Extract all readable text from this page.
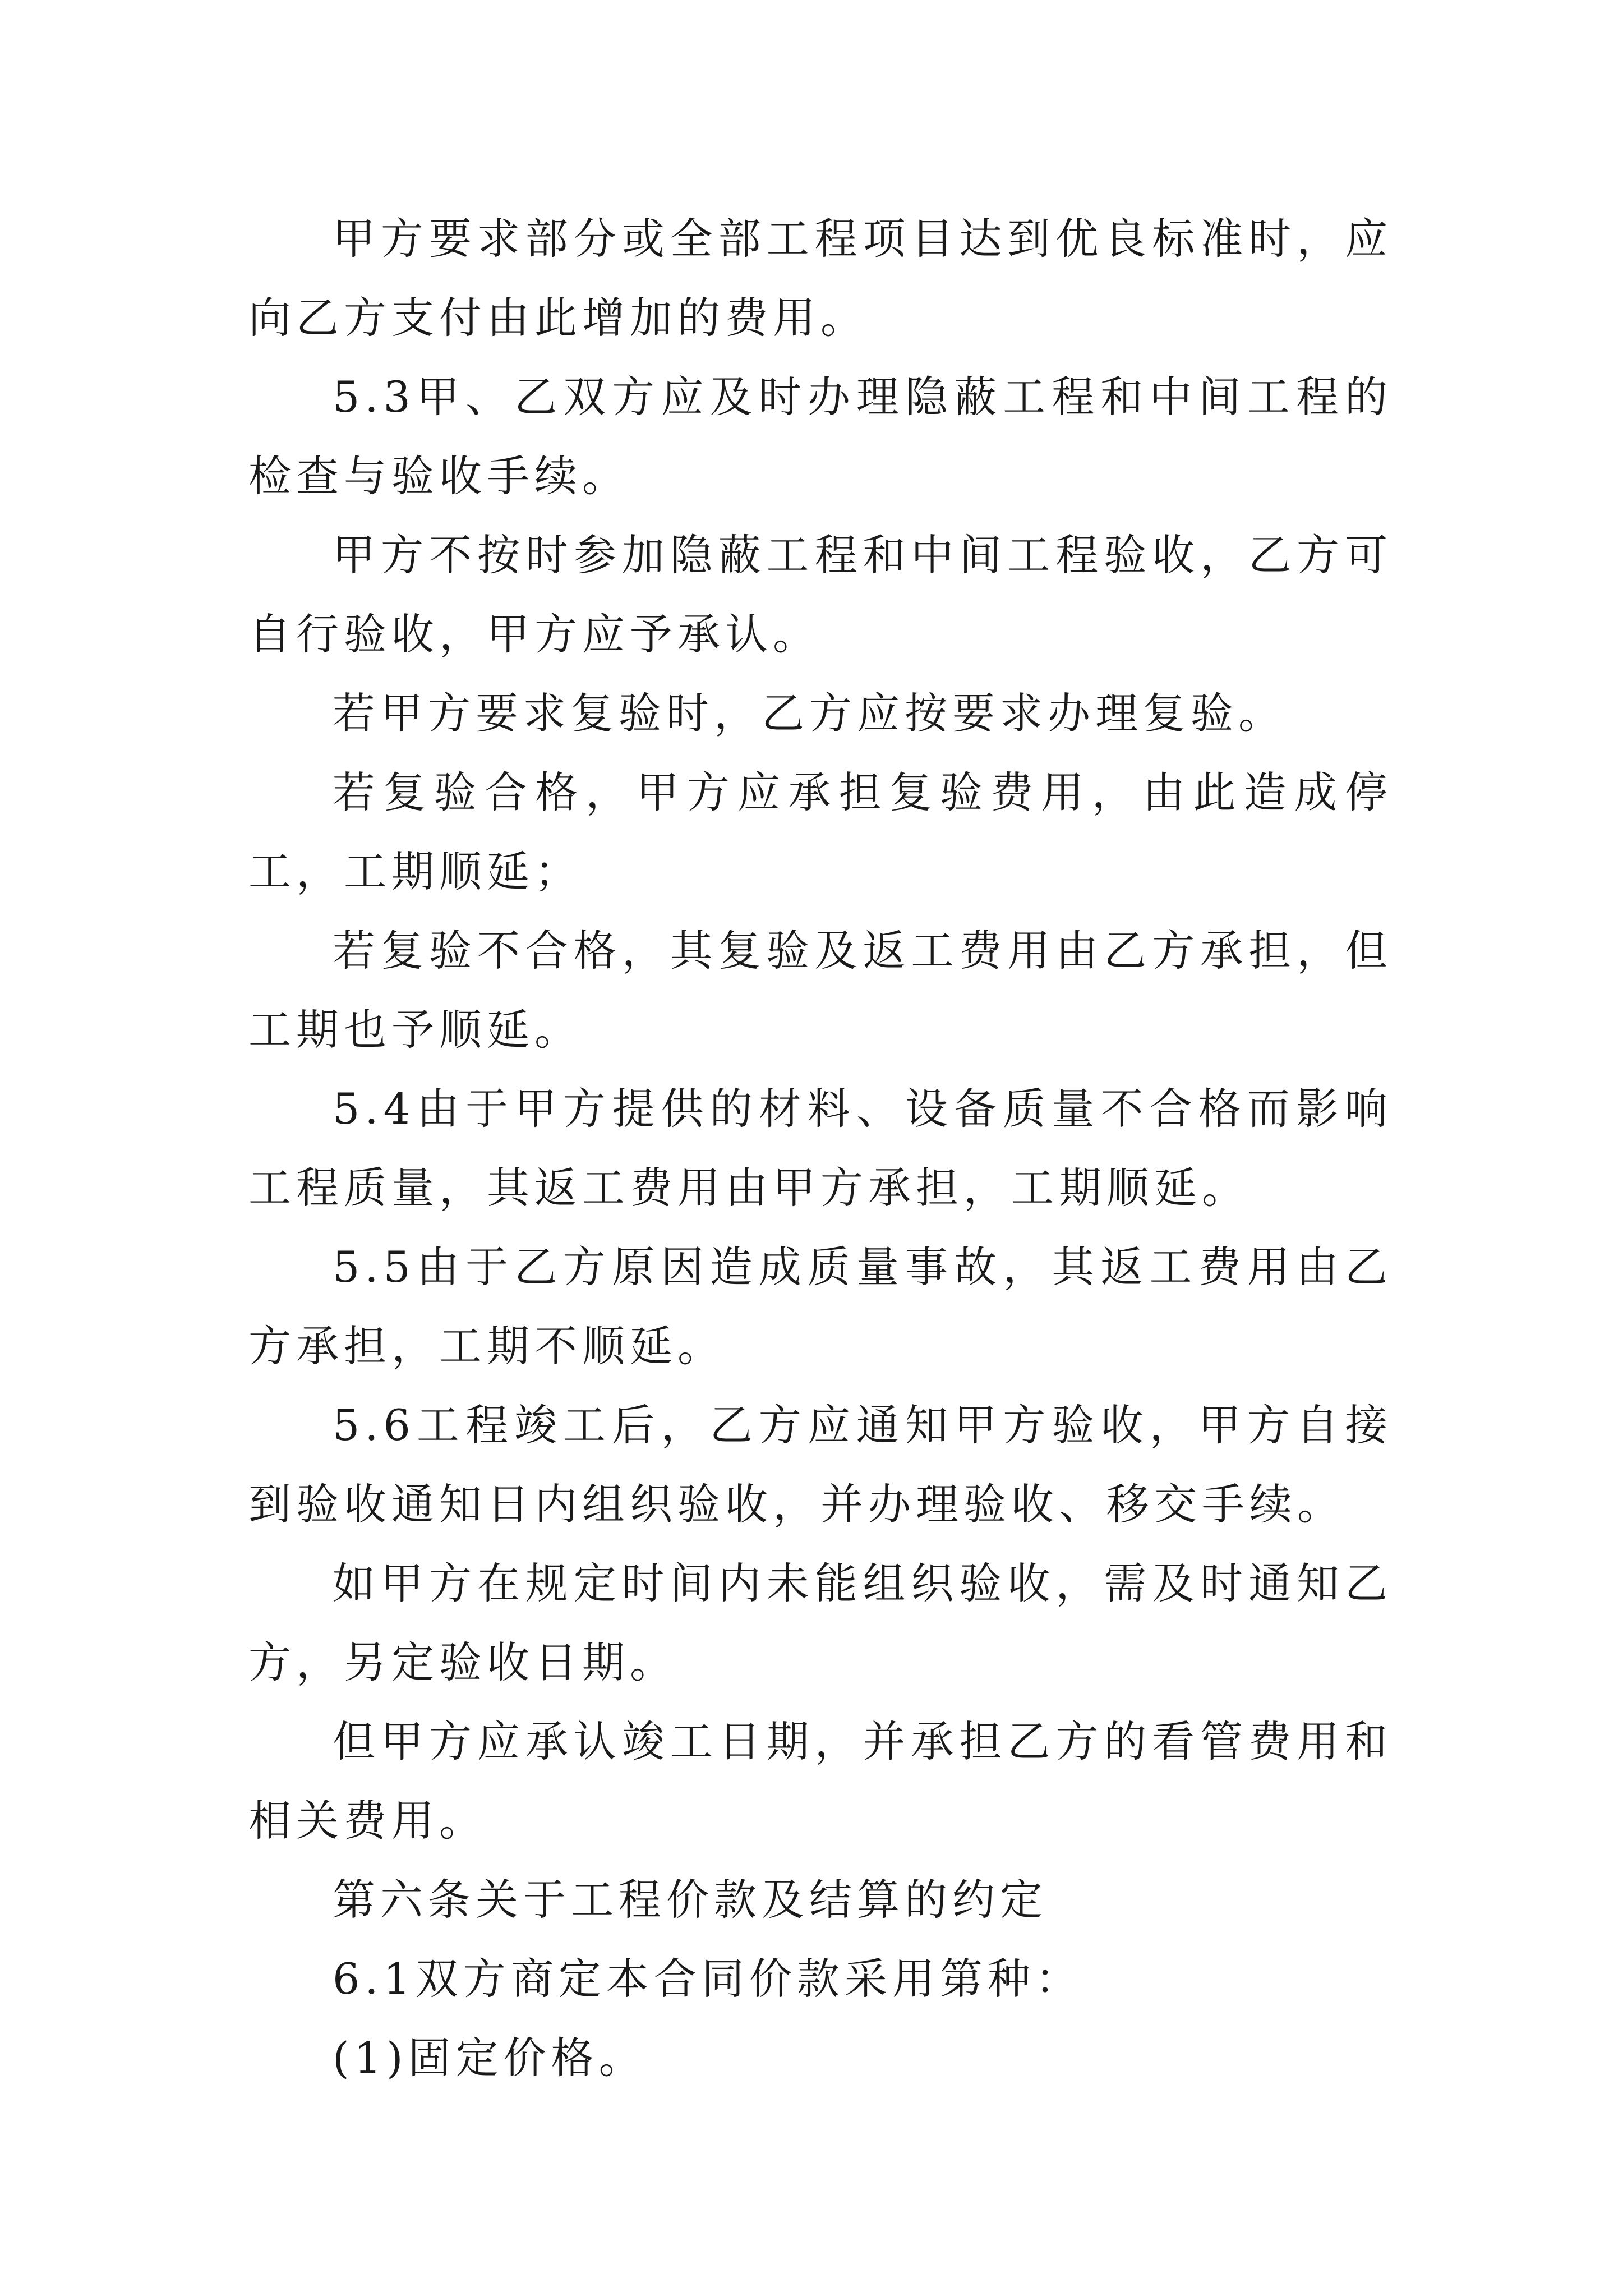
甲方要求部分或全部工程项目达到优良标准时，应向乙方支付由此增加的费用。

5.3甲、乙双方应及时办理隐蔽工程和中间工程的检查与验收手续。

甲方不按时参加隐蔽工程和中间工程验收，乙方可自行验收，甲方应予承认。

若甲方要求复验时，乙方应按要求办理复验。

若复验合格，甲方应承担复验费用，由此造成停工，工期顺延；

若复验不合格，其复验及返工费用由乙方承担，但工期也予顺延。

5.4由于甲方提供的材料、设备质量不合格而影响工程质量，其返工费用由甲方承担，工期顺延。

5.5由于乙方原因造成质量事故，其返工费用由乙方承担，工期不顺延。

5.6工程竣工后，乙方应通知甲方验收，甲方自接到验收通知日内组织验收，并办理验收、移交手续。

如甲方在规定时间内未能组织验收，需及时通知乙方，另定验收日期。

但甲方应承认竣工日期，并承担乙方的看管费用和相关费用。

第六条关于工程价款及结算的约定

6.1双方商定本合同价款采用第种：

(1)固定价格。
